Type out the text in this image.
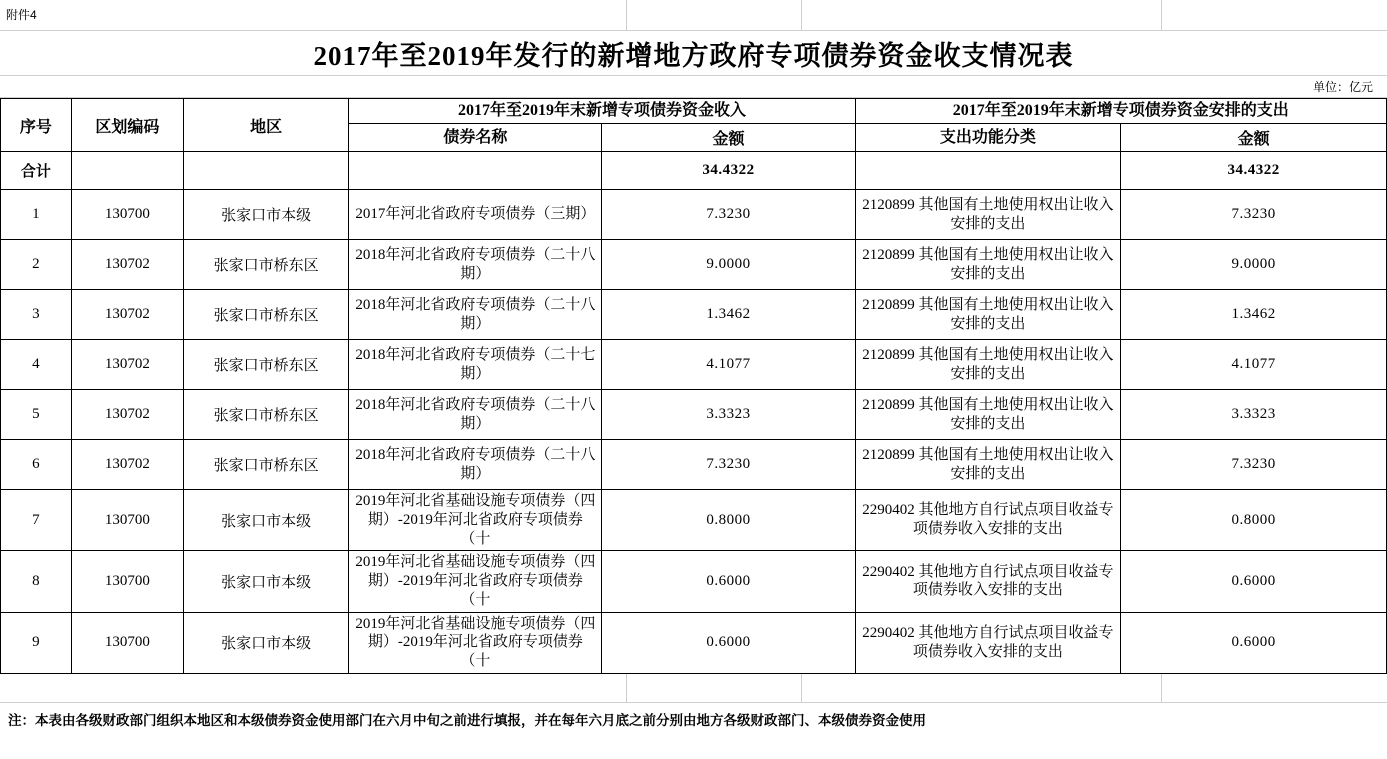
附件4
2017年至2019年发行的新增地方政府专项债券资金收支情况表
单位：亿元
序号	区划编码	地区	2017年至2019年末新增专项债券资金收入		2017年至2019年末新增专项债券资金安排的支出	
			债券名称	金额	支出功能分类	金额
合计				34.4322		34.4322
1	130700	张家口市本级	2017年河北省政府专项债券（三期）	7.3230	2120899 其他国有土地使用权出让收入安排的支出	7.3230
2	130702	张家口市桥东区	2018年河北省政府专项债券（二十八期）	9.0000	2120899 其他国有土地使用权出让收入安排的支出	9.0000
3	130702	张家口市桥东区	2018年河北省政府专项债券（二十八期）	1.3462	2120899 其他国有土地使用权出让收入安排的支出	1.3462
4	130702	张家口市桥东区	2018年河北省政府专项债券（二十七期）	4.1077	2120899 其他国有土地使用权出让收入安排的支出	4.1077
5	130702	张家口市桥东区	2018年河北省政府专项债券（二十八期）	3.3323	2120899 其他国有土地使用权出让收入安排的支出	3.3323
6	130702	张家口市桥东区	2018年河北省政府专项债券（二十八期）	7.3230	2120899 其他国有土地使用权出让收入安排的支出	7.3230
7	130700	张家口市本级	2019年河北省基础设施专项债券（四期）-2019年河北省政府专项债券（十	0.8000	2290402 其他地方自行试点项目收益专项债券收入安排的支出	0.8000
8	130700	张家口市本级	2019年河北省基础设施专项债券（四期）-2019年河北省政府专项债券（十	0.6000	2290402 其他地方自行试点项目收益专项债券收入安排的支出	0.6000
9	130700	张家口市本级	2019年河北省基础设施专项债券（四期）-2019年河北省政府专项债券（十	0.6000	2290402 其他地方自行试点项目收益专项债券收入安排的支出	0.6000
注：本表由各级财政部门组织本地区和本级债券资金使用部门在六月中旬之前进行填报，并在每年六月底之前分别由地方各级财政部门、本级债券资金使用
